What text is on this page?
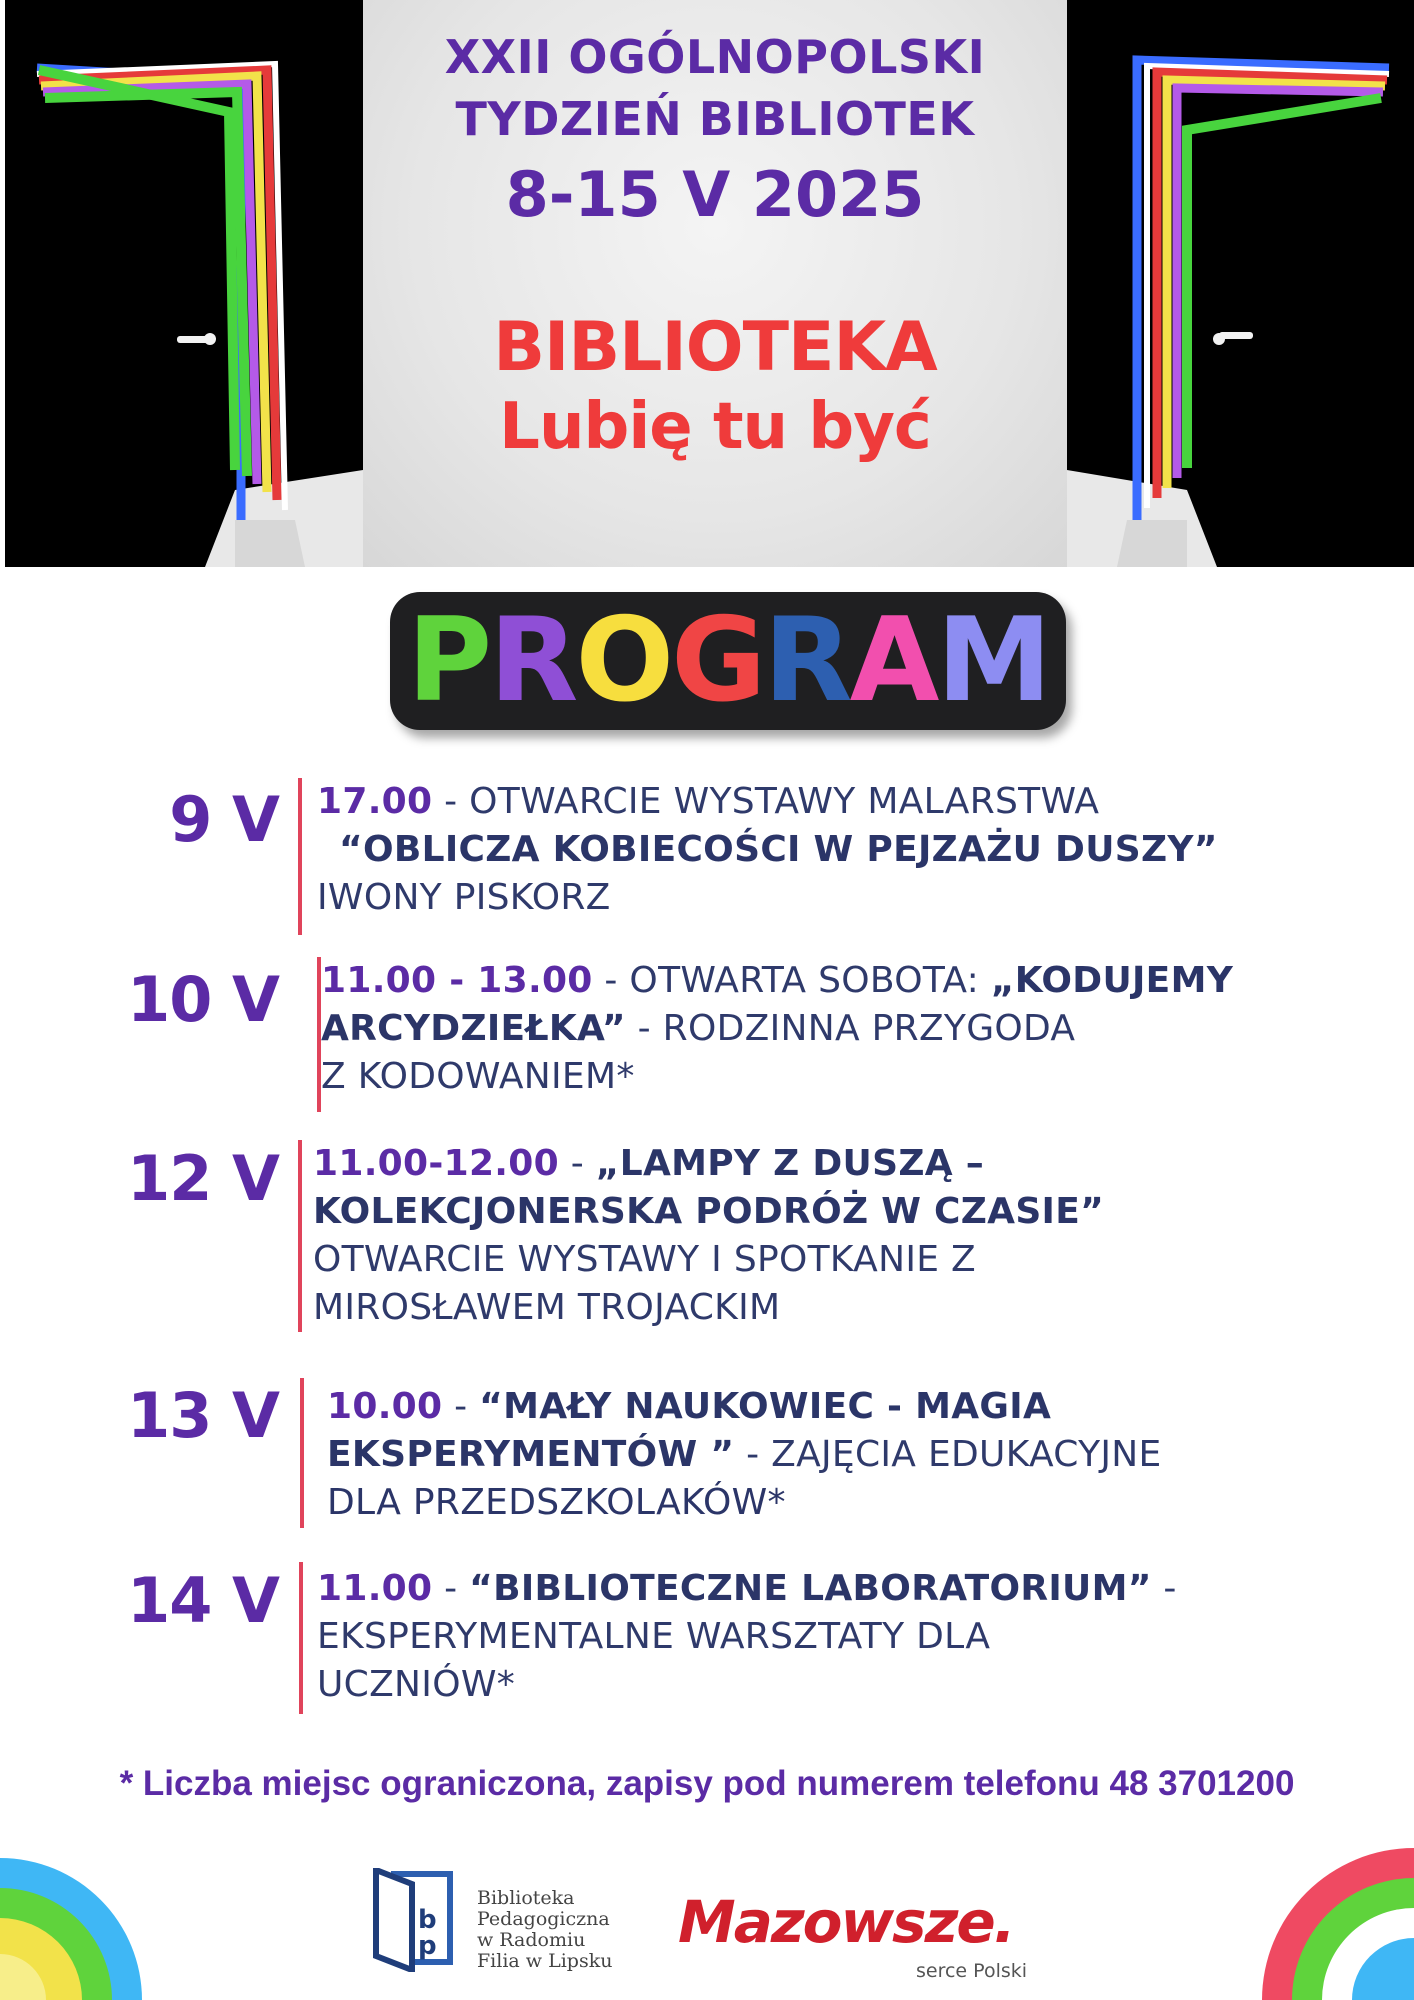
XXII OGÓLNOPOLSKI
TYDZIEŃ BIBLIOTEK
8-15 V 2025
BIBLIOTEKA
Lubię tu być
PROGRAM
9 V 17.00 - OTWARCIE WYSTAWY MALARSTWA
“OBLICZA KOBIECOŚCI W PEJZAŻU DUSZY”
IWONY PISKORZ
10 V 11.00 - 13.00 - OTWARTA SOBOTA: „KODUJEMY
ARCYDZIEŁKA” - RODZINNA PRZYGODA
Z KODOWANIEM*
12 V 11.00-12.00 - „LAMPY Z DUSZĄ –
KOLEKCJONERSKA PODRÓŻ W CZASIE”
OTWARCIE WYSTAWY I SPOTKANIE Z
MIROSŁAWEM TROJACKIM
13 V 10.00 - “MAŁY NAUKOWIEC - MAGIA
EKSPERYMENTÓW ” - ZAJĘCIA EDUKACYJNE
DLA PRZEDSZKOLAKÓW*
14 V 11.00 - “BIBLIOTECZNE LABORATORIUM” -
EKSPERYMENTALNE WARSZTATY DLA
UCZNIÓW*
* Liczba miejsc ograniczona, zapisy pod numerem telefonu 48 3701200
b
p
Biblioteka
Pedagogiczna
w Radomiu
Filia w Lipsku
Mazowsze.
serce Polski
